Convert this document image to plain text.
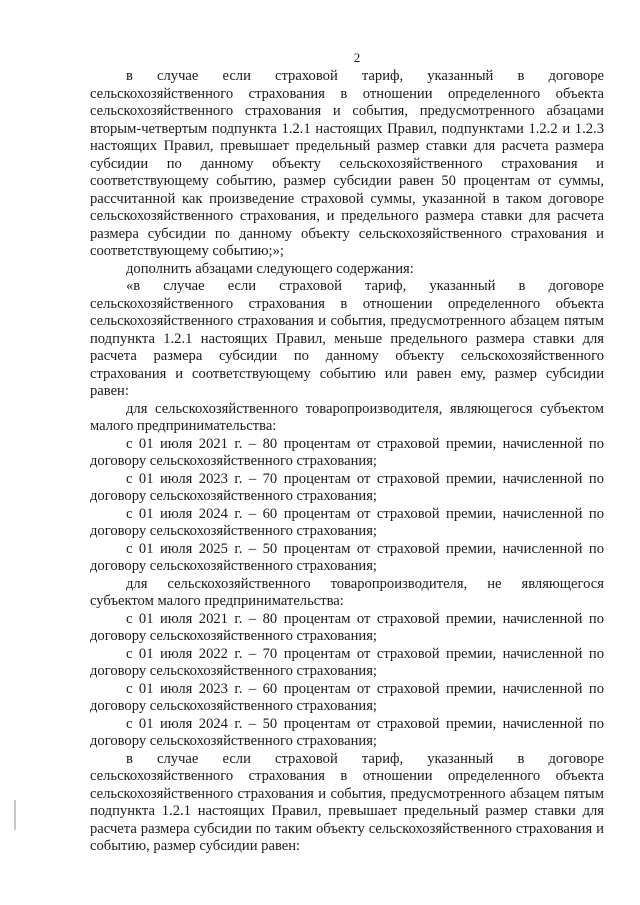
2

в случае если страховой тариф, указанный в договоре сельскохозяйственного страхования в отношении определенного объекта сельскохозяйственного страхования и события, предусмотренного абзацами вторым-четвертым подпункта 1.2.1 настоящих Правил, подпунктами 1.2.2 и 1.2.3 настоящих Правил, превышает предельный размер ставки для расчета размера субсидии по данному объекту сельскохозяйственного страхования и соответствующему событию, размер субсидии равен 50 процентам от суммы, рассчитанной как произведение страховой суммы, указанной в таком договоре сельскохозяйственного страхования, и предельного размера ставки для расчета размера субсидии по данному объекту сельскохозяйственного страхования и соответствующему событию;»;

дополнить абзацами следующего содержания:

«в случае если страховой тариф, указанный в договоре сельскохозяйственного страхования в отношении определенного объекта сельскохозяйственного страхования и события, предусмотренного абзацем пятым подпункта 1.2.1 настоящих Правил, меньше предельного размера ставки для расчета размера субсидии по данному объекту сельскохозяйственного страхования и соответствующему событию или равен ему, размер субсидии равен:

для сельскохозяйственного товаропроизводителя, являющегося субъектом малого предпринимательства:

с 01 июля 2021 г. – 80 процентам от страховой премии, начисленной по договору сельскохозяйственного страхования;

с 01 июля 2023 г. – 70 процентам от страховой премии, начисленной по договору сельскохозяйственного страхования;

с 01 июля 2024 г. – 60 процентам от страховой премии, начисленной по договору сельскохозяйственного страхования;

с 01 июля 2025 г. – 50 процентам от страховой премии, начисленной по договору сельскохозяйственного страхования;

для сельскохозяйственного товаропроизводителя, не являющегося субъектом малого предпринимательства:

с 01 июля 2021 г. – 80 процентам от страховой премии, начисленной по договору сельскохозяйственного страхования;

с 01 июля 2022 г. – 70 процентам от страховой премии, начисленной по договору сельскохозяйственного страхования;

с 01 июля 2023 г. – 60 процентам от страховой премии, начисленной по договору сельскохозяйственного страхования;

с 01 июля 2024 г. – 50 процентам от страховой премии, начисленной по договору сельскохозяйственного страхования;

в случае если страховой тариф, указанный в договоре сельскохозяйственного страхования в отношении определенного объекта сельскохозяйственного страхования и события, предусмотренного абзацем пятым подпункта 1.2.1 настоящих Правил, превышает предельный размер ставки для расчета размера субсидии по таким объекту сельскохозяйственного страхования и событию, размер субсидии равен:
